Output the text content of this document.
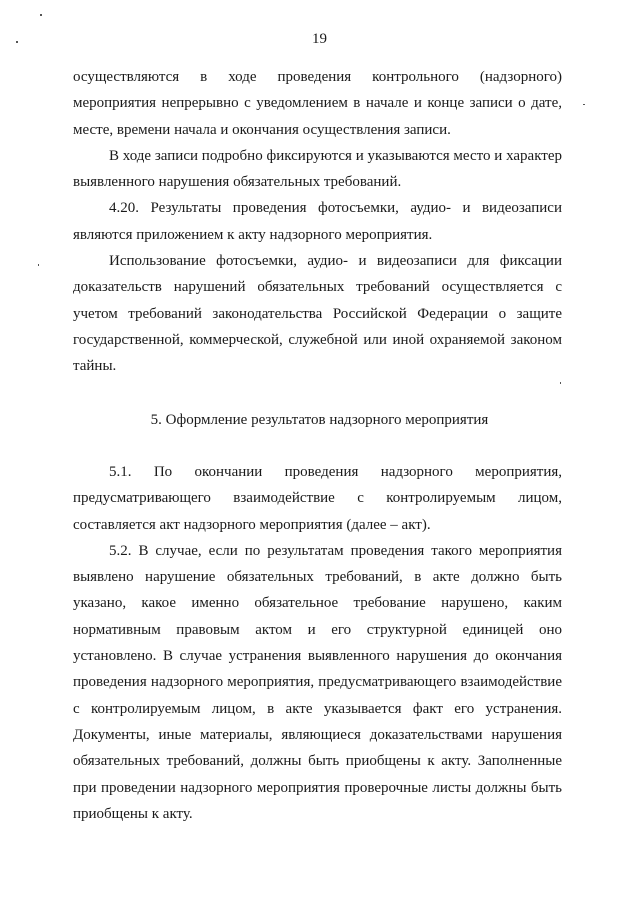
19

осуществляются в ходе проведения контрольного (надзорного) мероприятия непрерывно с уведомлением в начале и конце записи о дате, месте, времени начала и окончания осуществления записи.

В ходе записи подробно фиксируются и указываются место и характер выявленного нарушения обязательных требований.

4.20. Результаты проведения фотосъемки, аудио- и видеозаписи являются приложением к акту надзорного мероприятия.

Использование фотосъемки, аудио- и видеозаписи для фиксации доказательств нарушений обязательных требований осуществляется с учетом требований законодательства Российской Федерации о защите государственной, коммерческой, служебной или иной охраняемой законом тайны.

5. Оформление результатов надзорного мероприятия

5.1. По окончании проведения надзорного мероприятия, предусматривающего взаимодействие с контролируемым лицом, составляется акт надзорного мероприятия (далее – акт).

5.2. В случае, если по результатам проведения такого мероприятия выявлено нарушение обязательных требований, в акте должно быть указано, какое именно обязательное требование нарушено, каким нормативным правовым актом и его структурной единицей оно установлено. В случае устранения выявленного нарушения до окончания проведения надзорного мероприятия, предусматривающего взаимодействие с контролируемым лицом, в акте указывается факт его устранения. Документы, иные материалы, являющиеся доказательствами нарушения обязательных требований, должны быть приобщены к акту. Заполненные при проведении надзорного мероприятия проверочные листы должны быть приобщены к акту.
